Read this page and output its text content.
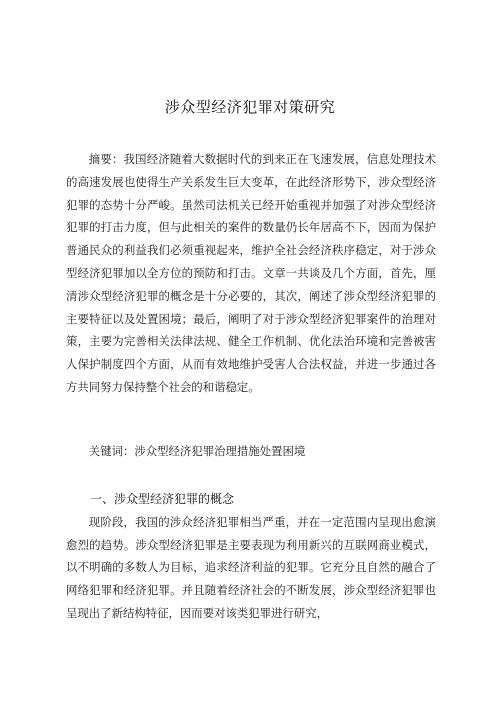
涉众型经济犯罪对策研究

摘要：我国经济随着大数据时代的到来正在飞速发展，信息处理技术的高速发展也使得生产关系发生巨大变革，在此经济形势下，涉众型经济犯罪的态势十分严峻。虽然司法机关已经开始重视并加强了对涉众型经济犯罪的打击力度，但与此相关的案件的数量仍长年居高不下，因而为保护普通民众的利益我们必须重视起来，维护全社会经济秩序稳定，对于涉众型经济犯罪加以全方位的预防和打击。文章一共谈及几个方面，首先，厘清涉众型经济犯罪的概念是十分必要的，其次，阐述了涉众型经济犯罪的主要特征以及处置困境；最后，阐明了对于涉众型经济犯罪案件的治理对策，主要为完善相关法律法规、健全工作机制、优化法治环境和完善被害人保护制度四个方面，从而有效地维护受害人合法权益，并进一步通过各方共同努力保持整个社会的和谐稳定。

关键词：涉众型经济犯罪治理措施处置困境

一、涉众型经济犯罪的概念

现阶段，我国的涉众经济犯罪相当严重，并在一定范围内呈现出愈演愈烈的趋势。涉众型经济犯罪是主要表现为利用新兴的互联网商业模式，以不明确的多数人为目标，追求经济利益的犯罪。它充分且自然的融合了网络犯罪和经济犯罪。并且随着经济社会的不断发展，涉众型经济犯罪也呈现出了新结构特征，因而要对该类犯罪进行研究，
